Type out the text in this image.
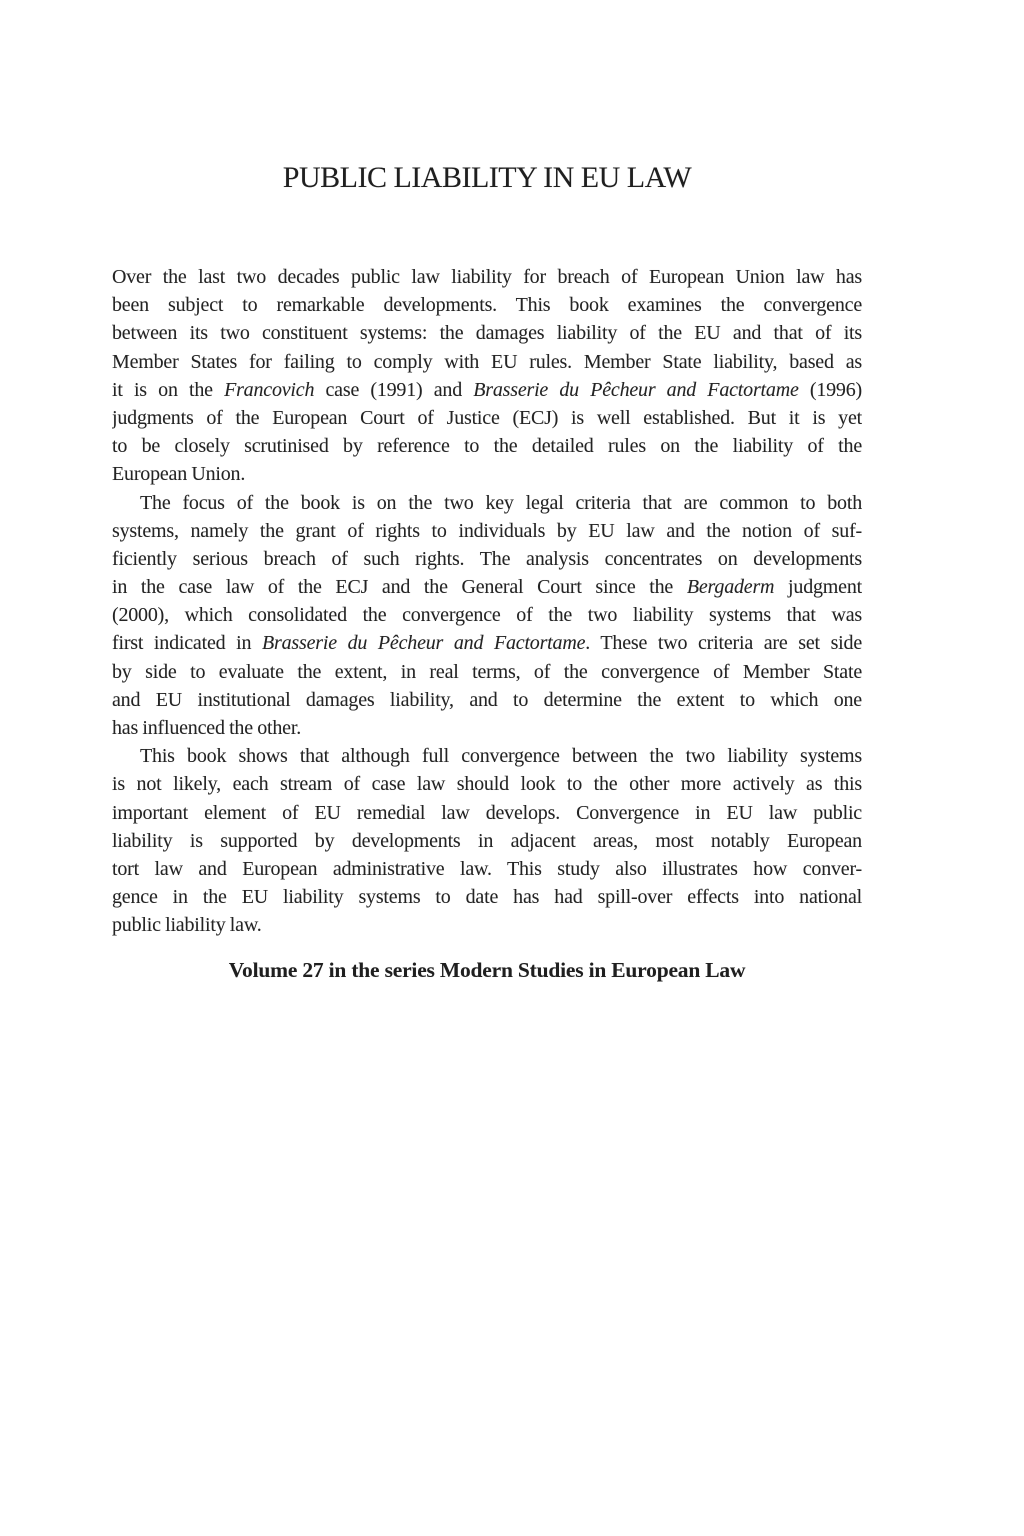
PUBLIC LIABILITY IN EU LAW
Over the last two decades public law liability for breach of European Union law has
been subject to remarkable developments. This book examines the convergence
between its two constituent systems: the damages liability of the EU and that of its
Member States for failing to comply with EU rules. Member State liability, based as
it is on the Francovich case (1991) and Brasserie du Pêcheur and Factortame (1996)
judgments of the European Court of Justice (ECJ) is well established. But it is yet
to be closely scrutinised by reference to the detailed rules on the liability of the
European Union.
The focus of the book is on the two key legal criteria that are common to both
systems, namely the grant of rights to individuals by EU law and the notion of suf-
ficiently serious breach of such rights. The analysis concentrates on developments
in the case law of the ECJ and the General Court since the Bergaderm judgment
(2000), which consolidated the convergence of the two liability systems that was
first indicated in Brasserie du Pêcheur and Factortame. These two criteria are set side
by side to evaluate the extent, in real terms, of the convergence of Member State
and EU institutional damages liability, and to determine the extent to which one
has influenced the other.
This book shows that although full convergence between the two liability systems
is not likely, each stream of case law should look to the other more actively as this
important element of EU remedial law develops. Convergence in EU law public
liability is supported by developments in adjacent areas, most notably European
tort law and European administrative law. This study also illustrates how conver-
gence in the EU liability systems to date has had spill-over effects into national
public liability law.
Volume 27 in the series Modern Studies in European Law
